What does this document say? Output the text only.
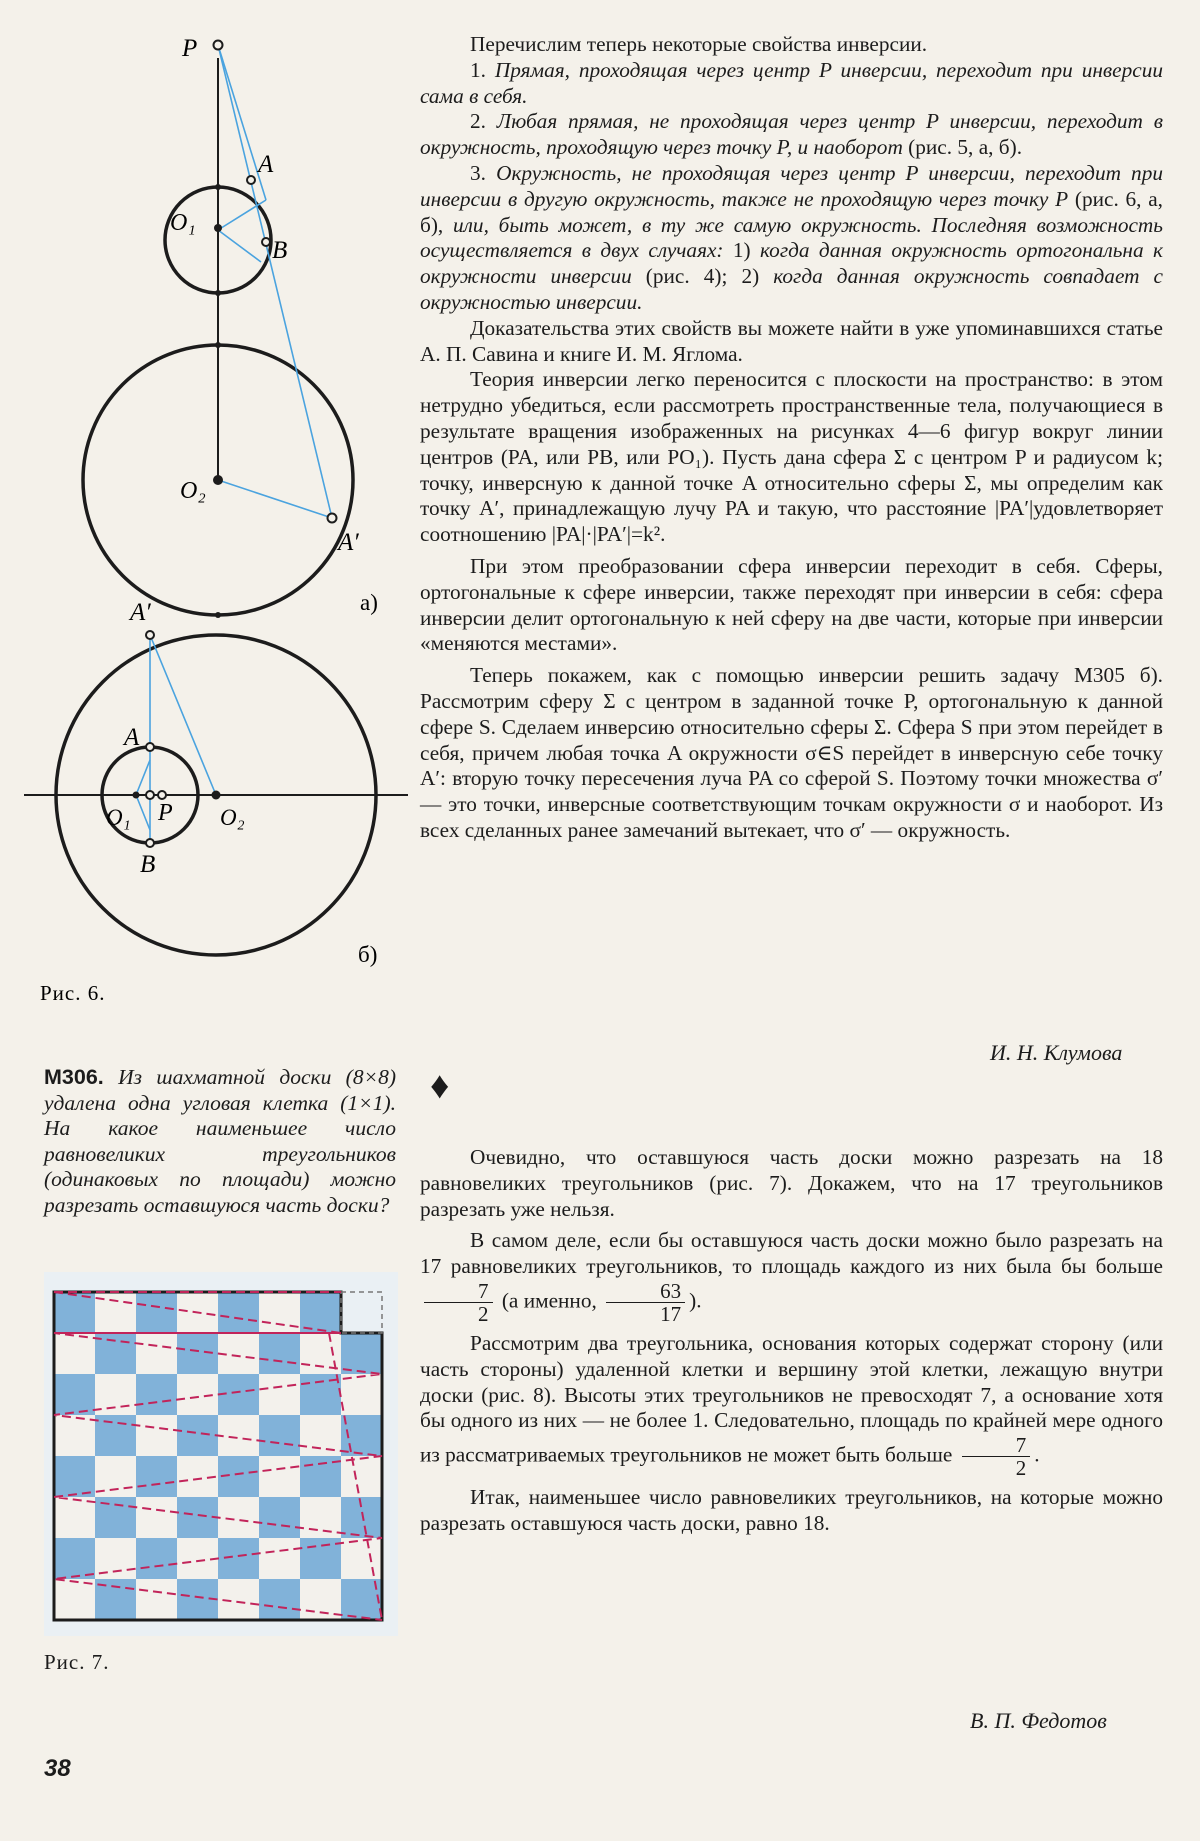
P
A
O₁
B
O₂
A′
а)
A′
A
O₁ P O₂
B
б)
Рис. 6.

Перечислим теперь некоторые свойства инверсии.

1. Прямая, проходящая через центр P инверсии, переходит при инверсии сама в себя.

2. Любая прямая, не проходящая через центр P инверсии, переходит в окружность, проходящую через точку P, и наоборот (рис. 5, а, б).

3. Окружность, не проходящая через центр P инверсии, переходит при инверсии в другую окружность, также не проходящую через точку P (рис. 6, а, б), или, быть может, в ту же самую окружность. Последняя возможность осуществляется в двух случаях: 1) когда данная окружность ортогональна к окружности инверсии (рис. 4); 2) когда данная окружность совпадает с окружностью инверсии.

Доказательства этих свойств вы можете найти в уже упоминавшихся статье А. П. Савина и книге И. М. Яглома.

Теория инверсии легко переносится с плоскости на пространство: в этом нетрудно убедиться, если рассмотреть пространственные тела, получающиеся в результате вращения изображенных на рисунках 4—6 фигур вокруг линии центров (PA, или PB, или PO₁). Пусть дана сфера Σ с центром P и радиусом k; точку, инверсную к данной точке A относительно сферы Σ, мы определим как точку A′, принадлежащую лучу PA и такую, что расстояние |PA′|удовлетворяет соотношению |PA|·|PA′|=k².

При этом преобразовании сфера инверсии переходит в себя. Сферы, ортогональные к сфере инверсии, также переходят при инверсии в себя: сфера инверсии делит ортогональную к ней сферу на две части, которые при инверсии «меняются местами».

Теперь покажем, как с помощью инверсии решить задачу М305 б). Рассмотрим сферу Σ с центром в заданной точке P, ортогональную к данной сфере S. Сделаем инверсию относительно сферы Σ. Сфера S при этом перейдет в себя, причем любая точка A окружности σ∈S перейдет в инверсную себе точку A′: вторую точку пересечения луча PA со сферой S. Поэтому точки множества σ′ — это точки, инверсные соответствующим точкам окружности σ и наоборот. Из всех сделанных ранее замечаний вытекает, что σ′ — окружность.

И. Н. Клумова
♦
М306. Из шахматной доски (8×8) удалена одна угловая клетка (1×1). На какое наименьшее число равновеликих треугольников (одинаковых по площади) можно разрезать оставшуюся часть доски?
Рис. 7.

Очевидно, что оставшуюся часть доски можно разрезать на 18 равновеликих треугольников (рис. 7). Докажем, что на 17 треугольников разрезать уже нельзя.

В самом деле, если бы оставшуюся часть доски можно было разрезать на 17 равновеликих треугольников, то площадь каждого из них была бы больше
$\frac{7}{2} (а$ именно, $\frac{63}{17}$ ).

Рассмотрим два треугольника, основания которых содержат сторону (или часть стороны) удаленной клетки и вершину этой клетки, лежащую внутри доски (рис. 8). Высоты этих треугольников не превосходят 7, а основание хотя бы одного из них — не более 1. Следовательно, площадь по крайней мере одного из рассматриваемых треугольников не может быть больше $\frac{7}{2}$ .

Итак, наименьшее число равновеликих треугольников, на которые можно разрезать оставшуюся часть доски, равно 18.

В. П. Федотов
38
